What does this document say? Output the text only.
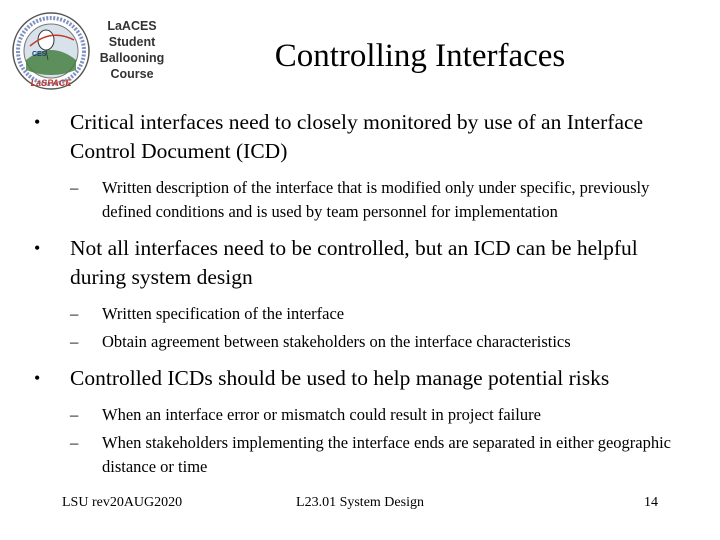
CES
LaSPACE
LaACES
Student
Ballooning
Course	Controlling Interfaces
• Critical interfaces need to closely monitored by use of an Interface Control Document (ICD)
– Written description of the interface that is modified only under specific, previously defined conditions and is used by team personnel for implementation
• Not all interfaces need to be controlled, but an ICD can be helpful during system design
– Written specification of the interface
– Obtain agreement between stakeholders on the interface characteristics
• Controlled ICDs should be used to help manage potential risks
– When an interface error or mismatch could result in project failure
– When stakeholders implementing the interface ends are separated in either geographic distance or time
LSU rev20AUG2020	L23.01 System Design	14
